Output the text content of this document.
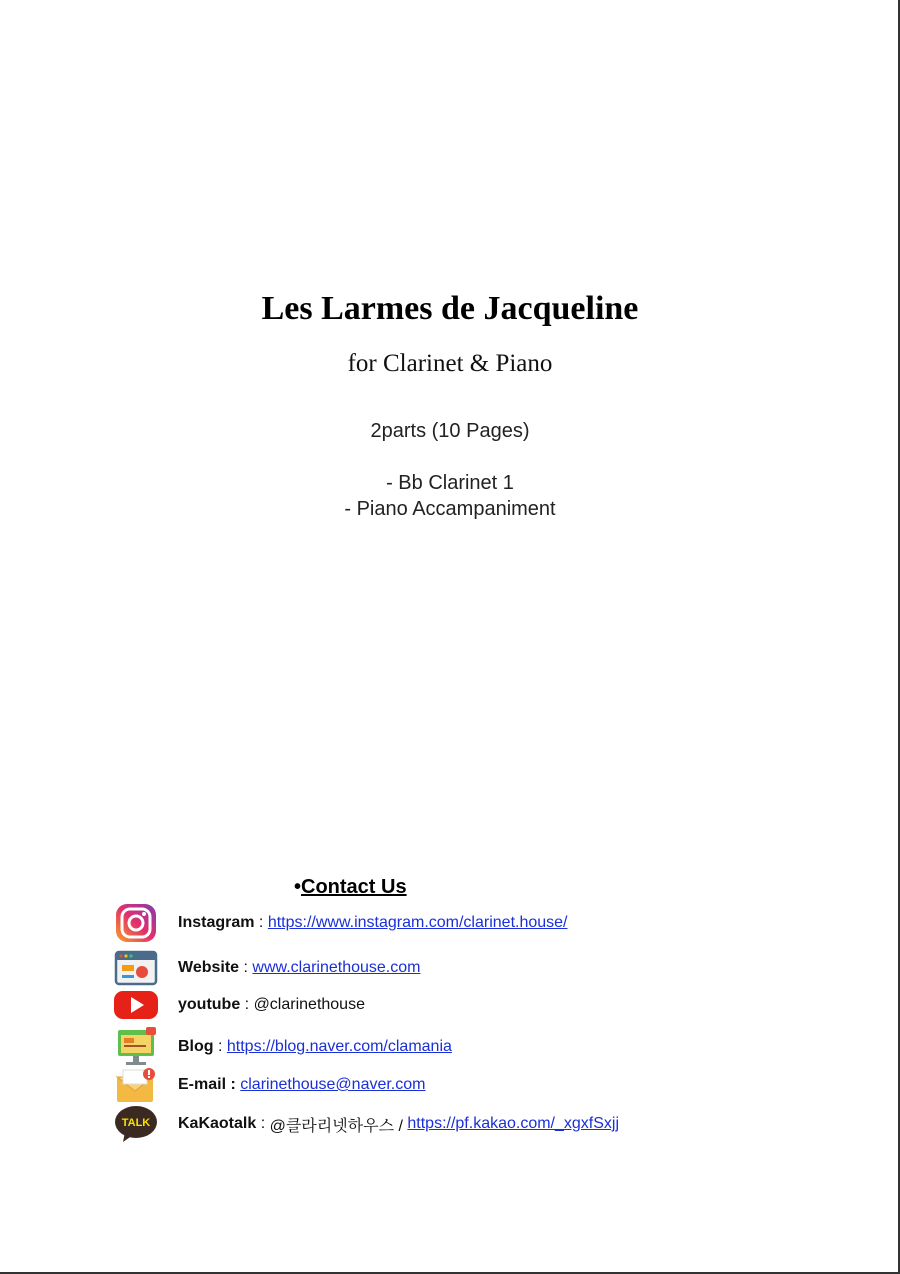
Les Larmes de Jacqueline
for Clarinet & Piano
2parts (10 Pages)
- Bb Clarinet 1
- Piano Accampaniment
•Contact Us
Instagram : https://www.instagram.com/clarinet.house/
Website : www.clarinethouse.com
youtube : @clarinethouse
Blog : https://blog.naver.com/clamania
E-mail :
clarinethouse@naver.com
TALK KaKaotalk : @클라리넷하우스 / https://pf.kakao.com/_xgxfSxjj
